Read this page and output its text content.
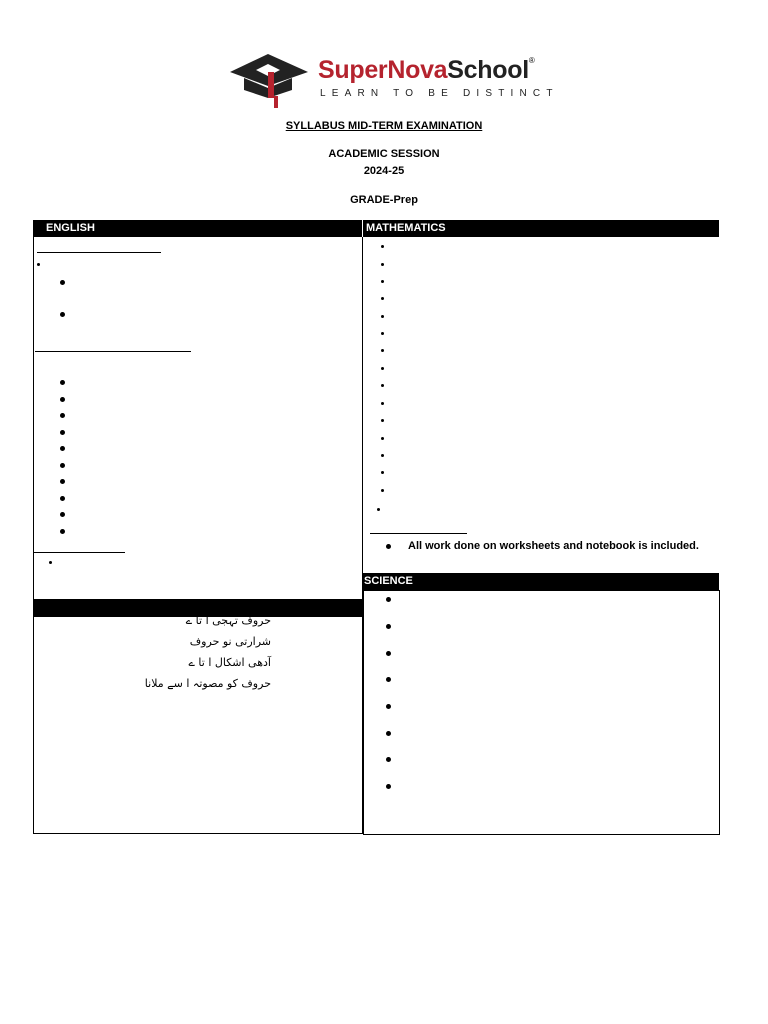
SuperNovaSchool®
LEARN TO BE DISTINCT
SYLLABUS MID-TERM EXAMINATION
ACADEMIC SESSION
2024-25
GRADE-Prep
ENGLISH	MATHEMATICS
All work done on worksheets and notebook is included.
حروف تہجی ا تا ے
شرارتی نو حروف
آدھی اشکال ا تا ے
حروف کو مصوتہ ا سے ملانا
SCIENCE
